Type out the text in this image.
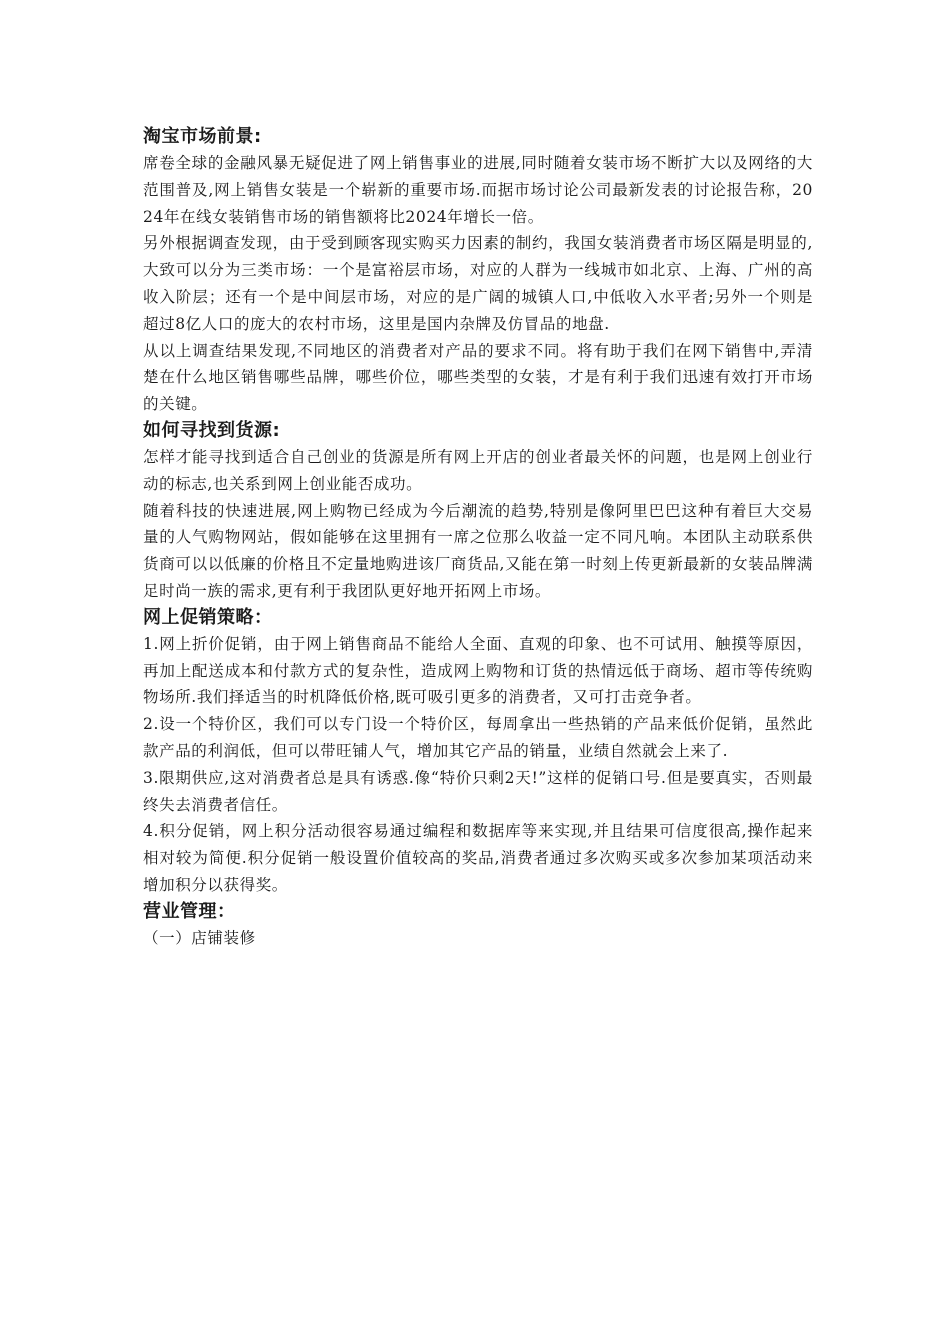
淘宝市场前景:

席卷全球的金融风暴无疑促进了网上销售事业的进展,同时随着女装市场不断扩大以及网络的大范围普及,网上销售女装是一个崭新的重要市场.而据市场讨论公司最新发表的讨论报告称，2024年在线女装销售市场的销售额将比2024年增长一倍。

另外根据调查发现，由于受到顾客现实购买力因素的制约，我国女装消费者市场区隔是明显的,大致可以分为三类市场：一个是富裕层市场，对应的人群为一线城市如北京、上海、广州的高收入阶层；还有一个是中间层市场，对应的是广阔的城镇人口,中低收入水平者;另外一个则是超过8亿人口的庞大的农村市场，这里是国内杂牌及仿冒品的地盘.

从以上调查结果发现,不同地区的消费者对产品的要求不同。将有助于我们在网下销售中,弄清楚在什么地区销售哪些品牌，哪些价位，哪些类型的女装，才是有利于我们迅速有效打开市场的关键。

如何寻找到货源:

怎样才能寻找到适合自己创业的货源是所有网上开店的创业者最关怀的问题，也是网上创业行动的标志,也关系到网上创业能否成功。

随着科技的快速进展,网上购物已经成为今后潮流的趋势,特别是像阿里巴巴这种有着巨大交易量的人气购物网站，假如能够在这里拥有一席之位那么收益一定不同凡响。本团队主动联系供货商可以以低廉的价格且不定量地购进该厂商货品,又能在第一时刻上传更新最新的女装品牌满足时尚一族的需求,更有利于我团队更好地开拓网上市场。

网上促销策略：

1.网上折价促销，由于网上销售商品不能给人全面、直观的印象、也不可试用、触摸等原因，再加上配送成本和付款方式的复杂性，造成网上购物和订货的热情远低于商场、超市等传统购物场所.我们择适当的时机降低价格,既可吸引更多的消费者，又可打击竞争者。

2.设一个特价区，我们可以专门设一个特价区，每周拿出一些热销的产品来低价促销，虽然此款产品的利润低，但可以带旺铺人气，增加其它产品的销量，业绩自然就会上来了.

3.限期供应,这对消费者总是具有诱惑.像“特价只剩2天!”这样的促销口号.但是要真实，否则最终失去消费者信任。

4.积分促销，网上积分活动很容易通过编程和数据库等来实现,并且结果可信度很高,操作起来相对较为简便.积分促销一般设置价值较高的奖品,消费者通过多次购买或多次参加某项活动来增加积分以获得奖。

营业管理：

（一）店铺装修
